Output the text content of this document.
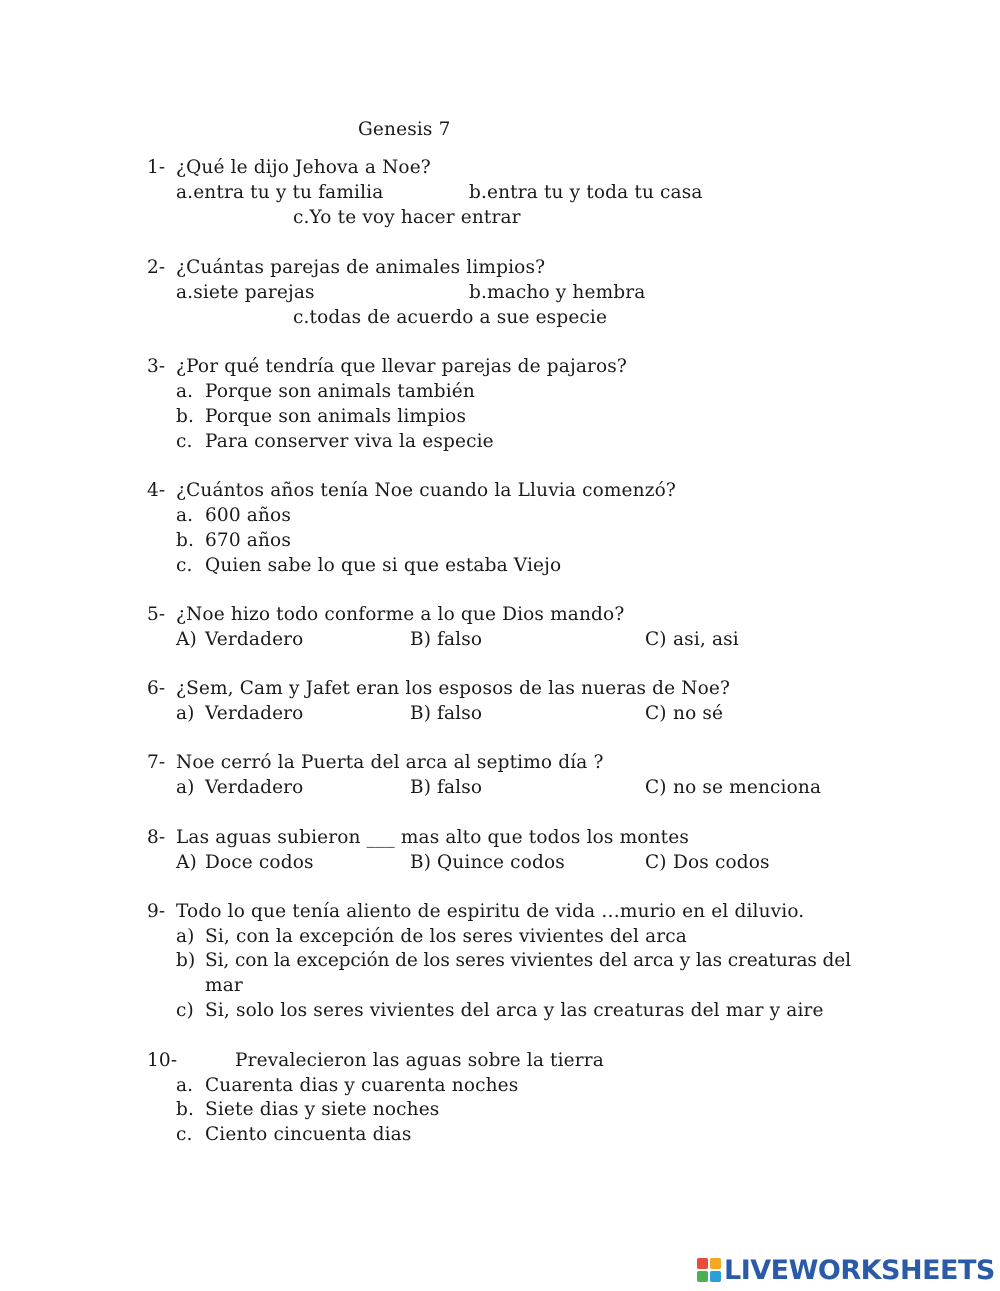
Genesis 7
1- ¿Qué le dijo Jehova a Noe?
a.entra tu y tu familia	b.entra tu y toda tu casa
c.Yo te voy hacer entrar
2- ¿Cuántas parejas de animales limpios?
a.siete parejas	b.macho y hembra
c.todas de acuerdo a sue especie
3- ¿Por qué tendría que llevar parejas de pajaros?
a. Porque son animals también
b. Porque son animals limpios
c. Para conserver viva la especie
4- ¿Cuántos años tenía Noe cuando la Lluvia comenzó?
a. 600 años
b. 670 años
c. Quien sabe lo que si que estaba Viejo
5- ¿Noe hizo todo conforme a lo que Dios mando?
A) Verdadero	B) falso	C) asi, asi
6- ¿Sem, Cam y Jafet eran los esposos de las nueras de Noe?
a) Verdadero	B) falso	C) no sé
7- Noe cerró la Puerta del arca al septimo día ?
a) Verdadero	B) falso	C) no se menciona
8- Las aguas subieron ___ mas alto que todos los montes
A) Doce codos	B) Quince codos	C) Dos codos
9- Todo lo que tenía aliento de espiritu de vida …murio en el diluvio.
a) Si, con la excepción de los seres vivientes del arca
b) Si, con la excepción de los seres vivientes del arca y las creaturas del
mar
c) Si, solo los seres vivientes del arca y las creaturas del mar y aire
10-	Prevalecieron las aguas sobre la tierra
a. Cuarenta dias y cuarenta noches
b. Siete dias y siete noches
c. Ciento cincuenta dias
LIVEWORKSHEETS
